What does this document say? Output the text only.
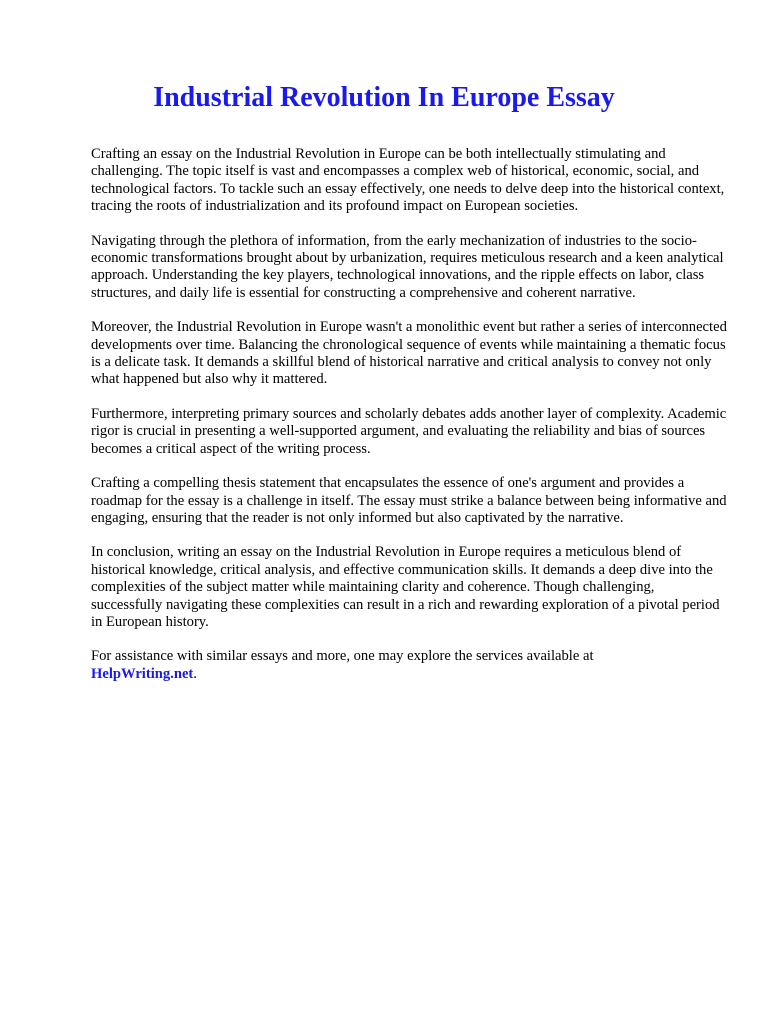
Industrial Revolution In Europe Essay

Crafting an essay on the Industrial Revolution in Europe can be both intellectually stimulating and challenging. The topic itself is vast and encompasses a complex web of historical, economic, social, and technological factors. To tackle such an essay effectively, one needs to delve deep into the historical context, tracing the roots of industrialization and its profound impact on European societies.

Navigating through the plethora of information, from the early mechanization of industries to the socio-economic transformations brought about by urbanization, requires meticulous research and a keen analytical approach. Understanding the key players, technological innovations, and the ripple effects on labor, class structures, and daily life is essential for constructing a comprehensive and coherent narrative.

Moreover, the Industrial Revolution in Europe wasn't a monolithic event but rather a series of interconnected developments over time. Balancing the chronological sequence of events while maintaining a thematic focus is a delicate task. It demands a skillful blend of historical narrative and critical analysis to convey not only what happened but also why it mattered.

Furthermore, interpreting primary sources and scholarly debates adds another layer of complexity. Academic rigor is crucial in presenting a well-supported argument, and evaluating the reliability and bias of sources becomes a critical aspect of the writing process.

Crafting a compelling thesis statement that encapsulates the essence of one's argument and provides a roadmap for the essay is a challenge in itself. The essay must strike a balance between being informative and engaging, ensuring that the reader is not only informed but also captivated by the narrative.

In conclusion, writing an essay on the Industrial Revolution in Europe requires a meticulous blend of historical knowledge, critical analysis, and effective communication skills. It demands a deep dive into the complexities of the subject matter while maintaining clarity and coherence. Though challenging, successfully navigating these complexities can result in a rich and rewarding exploration of a pivotal period in European history.

For assistance with similar essays and more, one may explore the services available at
HelpWriting.net.
